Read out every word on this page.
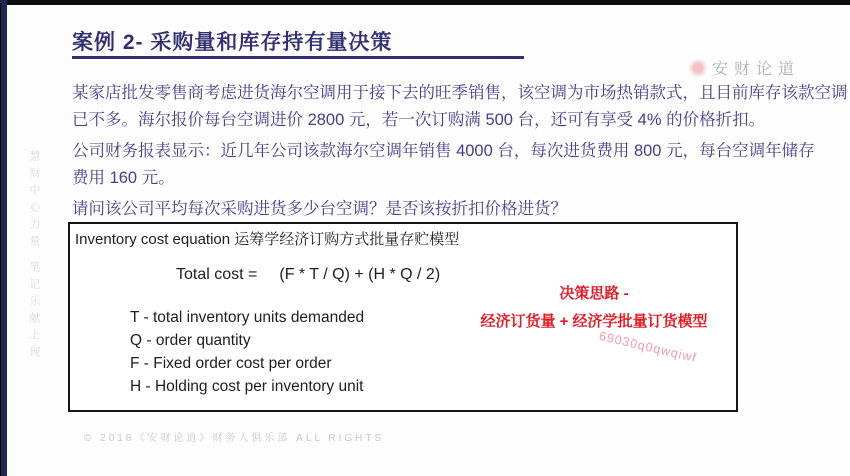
案例 2- 采购量和库存持有量决策
某家店批发零售商考虑进货海尔空调用于接下去的旺季销售，该空调为市场热销款式，且目前库存该款空调
已不多。海尔报价每台空调进价 2800 元，若一次订购满 500 台，还可有享受 4% 的价格折扣。
公司财务报表显示：近几年公司该款海尔空调年销售 4000 台，每次进货费用 800 元，每台空调年储存
费用 160 元。
请问该公司平均每次采购进货多少台空调？是否该按折扣价格进货？
Inventory cost equation 运筹学经济订购方式批量存贮模型
Total cost = (F * T / Q) + (H * Q / 2)
T - total inventory units demanded
Q - order quantity
F - Fixed order cost per order
H - Holding cost per inventory unit
决策思路 -
经济订货量 + 经济学批量订货模型
69030q0qwqiwf
安财论道
慧财中心力量 笔记乐献上现
© 2018《安财论道》财务人俱乐部 ALL RIGHTS
